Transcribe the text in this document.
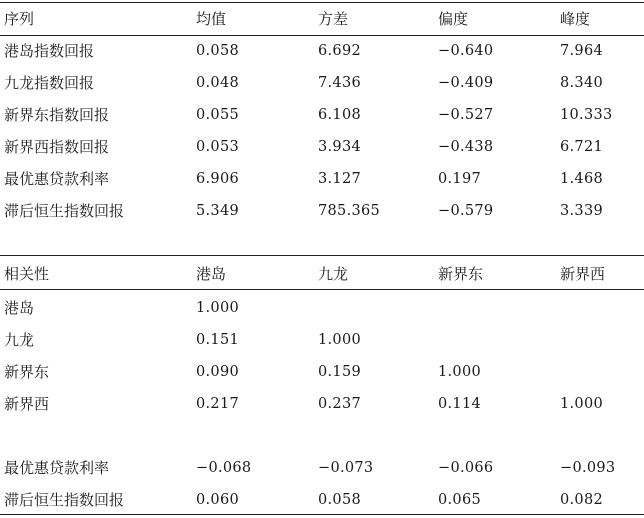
序列	均值	方差	偏度	峰度
港岛指数回报	0.058	6.692	−0.640	7.964
九龙指数回报	0.048	7.436	−0.409	8.340
新界东指数回报	0.055	6.108	−0.527	10.333
新界西指数回报	0.053	3.934	−0.438	6.721
最优惠贷款利率	6.906	3.127	0.197	1.468
滞后恒生指数回报	5.349	785.365	−0.579	3.339
相关性	港岛	九龙	新界东	新界西
港岛	1.000
九龙	0.151	1.000
新界东	0.090	0.159	1.000
新界西	0.217	0.237	0.114	1.000
最优惠贷款利率	−0.068	−0.073	−0.066	−0.093
滞后恒生指数回报	0.060	0.058	0.065	0.082
